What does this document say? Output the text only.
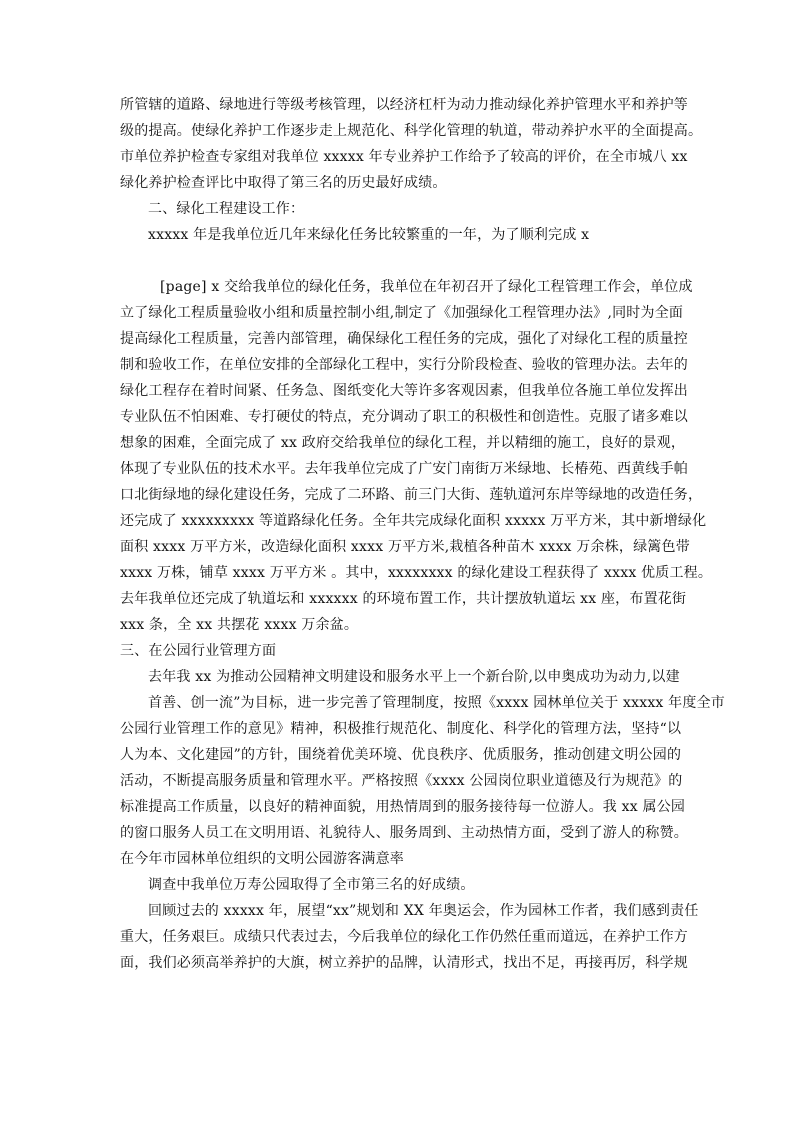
所管辖的道路、绿地进行等级考核管理，以经济杠杆为动力推动绿化养护管理水平和养护等
级的提高。使绿化养护工作逐步走上规范化、科学化管理的轨道，带动养护水平的全面提高。
市单位养护检查专家组对我单位 xxxxx 年专业养护工作给予了较高的评价，在全市城八 xx
绿化养护检查评比中取得了第三名的历史最好成绩。
二、绿化工程建设工作：
xxxxx 年是我单位近几年来绿化任务比较繁重的一年，为了顺利完成 x
[page] x 交给我单位的绿化任务，我单位在年初召开了绿化工程管理工作会，单位成
立了绿化工程质量验收小组和质量控制小组,制定了《加强绿化工程管理办法》,同时为全面
提高绿化工程质量，完善内部管理，确保绿化工程任务的完成，强化了对绿化工程的质量控
制和验收工作，在单位安排的全部绿化工程中，实行分阶段检查、验收的管理办法。去年的
绿化工程存在着时间紧、任务急、图纸变化大等许多客观因素，但我单位各施工单位发挥出
专业队伍不怕困难、专打硬仗的特点，充分调动了职工的积极性和创造性。克服了诸多难以
想象的困难，全面完成了 xx 政府交给我单位的绿化工程，并以精细的施工，良好的景观，
体现了专业队伍的技术水平。去年我单位完成了广安门南街万米绿地、长椿苑、西黄线手帕
口北街绿地的绿化建设任务，完成了二环路、前三门大街、莲轨道河东岸等绿地的改造任务，
还完成了 xxxxxxxxx 等道路绿化任务。全年共完成绿化面积 xxxxx 万平方米，其中新增绿化
面积 xxxx 万平方米，改造绿化面积 xxxx 万平方米,栽植各种苗木 xxxx 万余株，绿篱色带
xxxx 万株，铺草 xxxx 万平方米 。其中，xxxxxxxx 的绿化建设工程获得了 xxxx 优质工程。
去年我单位还完成了轨道坛和 xxxxxx 的环境布置工作，共计摆放轨道坛 xx 座，布置花街
xxx 条，全 xx 共摆花 xxxx 万余盆。
三、在公园行业管理方面
去年我 xx 为推动公园精神文明建设和服务水平上一个新台阶,以申奥成功为动力,以建
首善、创一流”为目标，进一步完善了管理制度，按照《xxxx 园林单位关于 xxxxx 年度全市
公园行业管理工作的意见》精神，积极推行规范化、制度化、科学化的管理方法，坚持“以
人为本、文化建园”的方针，围绕着优美环境、优良秩序、优质服务，推动创建文明公园的
活动，不断提高服务质量和管理水平。严格按照《xxxx 公园岗位职业道德及行为规范》的
标准提高工作质量，以良好的精神面貌，用热情周到的服务接待每一位游人。我 xx 属公园
的窗口服务人员工在文明用语、礼貌待人、服务周到、主动热情方面，受到了游人的称赞。
在今年市园林单位组织的文明公园游客满意率
调查中我单位万寿公园取得了全市第三名的好成绩。
回顾过去的 xxxxx 年，展望“xx”规划和 XX 年奥运会，作为园林工作者，我们感到责任
重大，任务艰巨。成绩只代表过去，今后我单位的绿化工作仍然任重而道远，在养护工作方
面，我们必须高举养护的大旗，树立养护的品牌，认清形式，找出不足，再接再厉，科学规
